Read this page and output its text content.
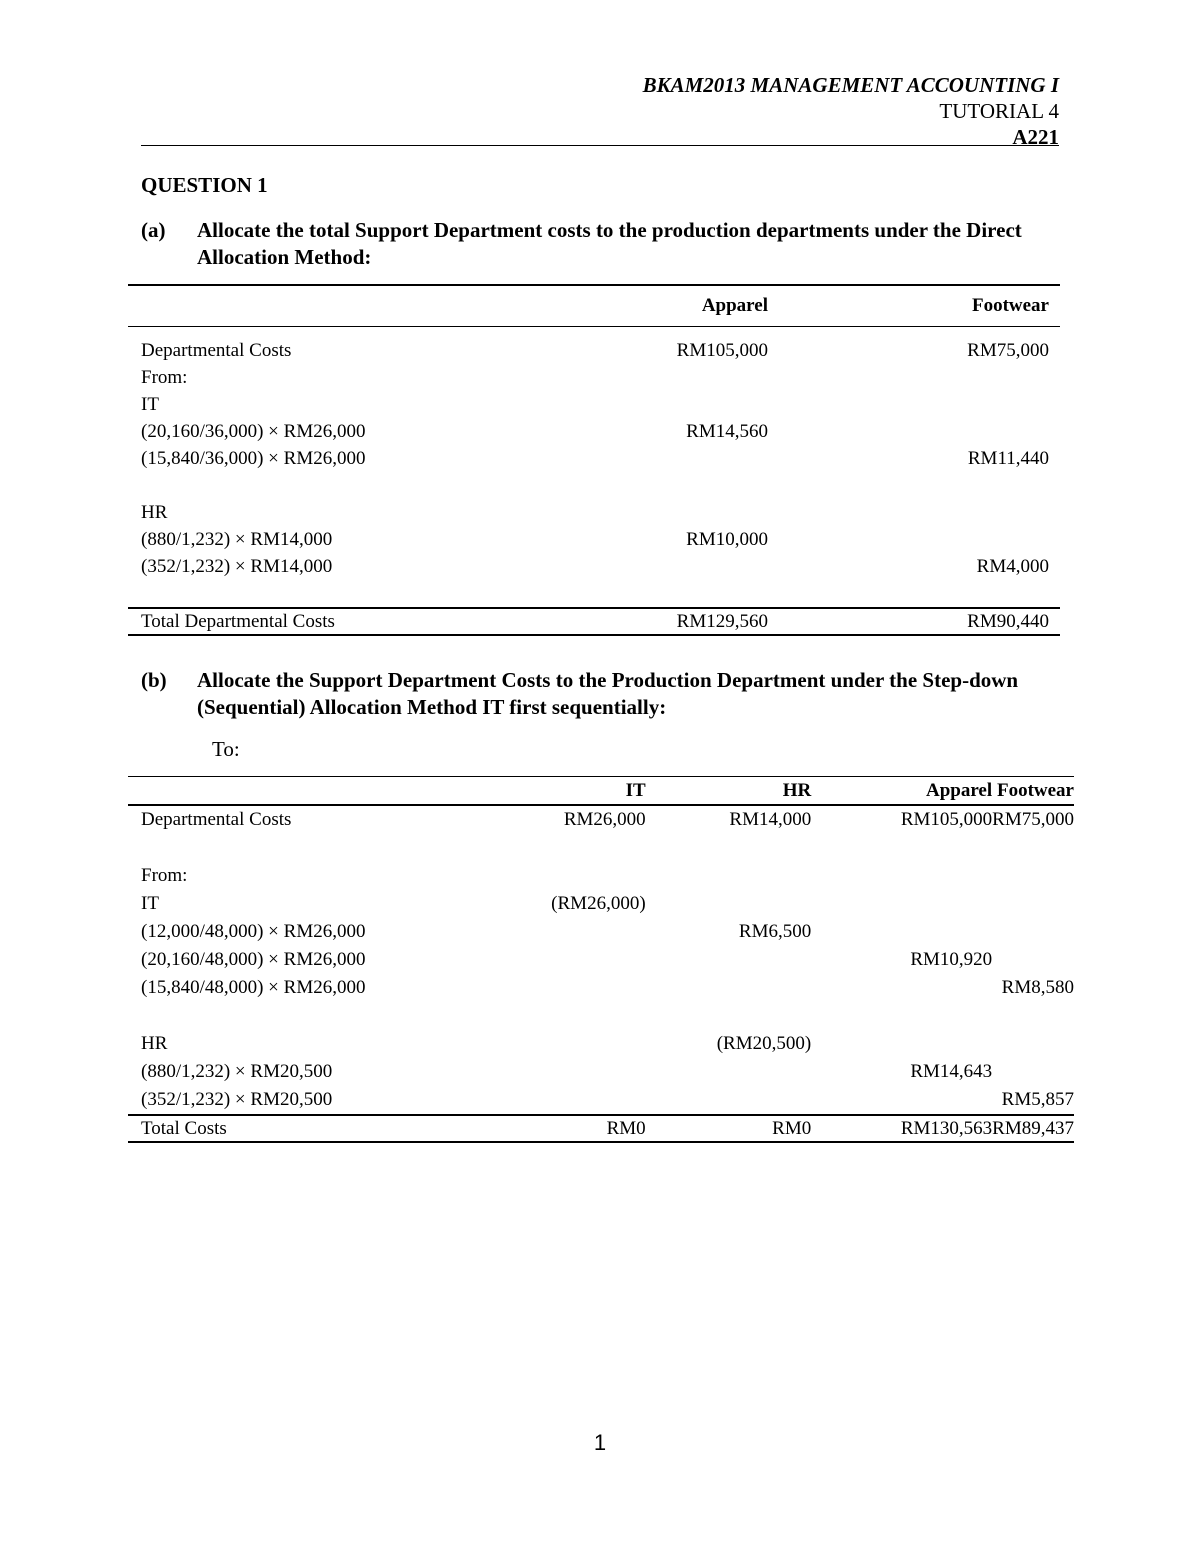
BKAM2013 MANAGEMENT ACCOUNTING I
TUTORIAL 4
A221
QUESTION 1
(a) Allocate the total Support Department costs to the production departments under the Direct Allocation Method:
	Apparel	Footwear

Departmental Costs	RM105,000	RM75,000
From:		
IT		
(20,160/36,000) × RM26,000	RM14,560	
(15,840/36,000) × RM26,000		RM11,440

HR		
(880/1,232) × RM14,000	RM10,000	
(352/1,232) × RM14,000		RM4,000

Total Departmental Costs	RM129,560	RM90,440
(b) Allocate the Support Department Costs to the Production Department under the Step-down (Sequential) Allocation Method IT first sequentially:
To:
	IT	HR	Apparel	Footwear
Departmental Costs	RM26,000	RM14,000	RM105,000	RM75,000

From:				
IT	(RM26,000)			
(12,000/48,000) × RM26,000		RM6,500		
(20,160/48,000) × RM26,000			RM10,920	
(15,840/48,000) × RM26,000				RM8,580

HR		(RM20,500)		
(880/1,232) × RM20,500			RM14,643	
(352/1,232) × RM20,500				RM5,857
Total Costs	RM0	RM0	RM130,563	RM89,437
1
